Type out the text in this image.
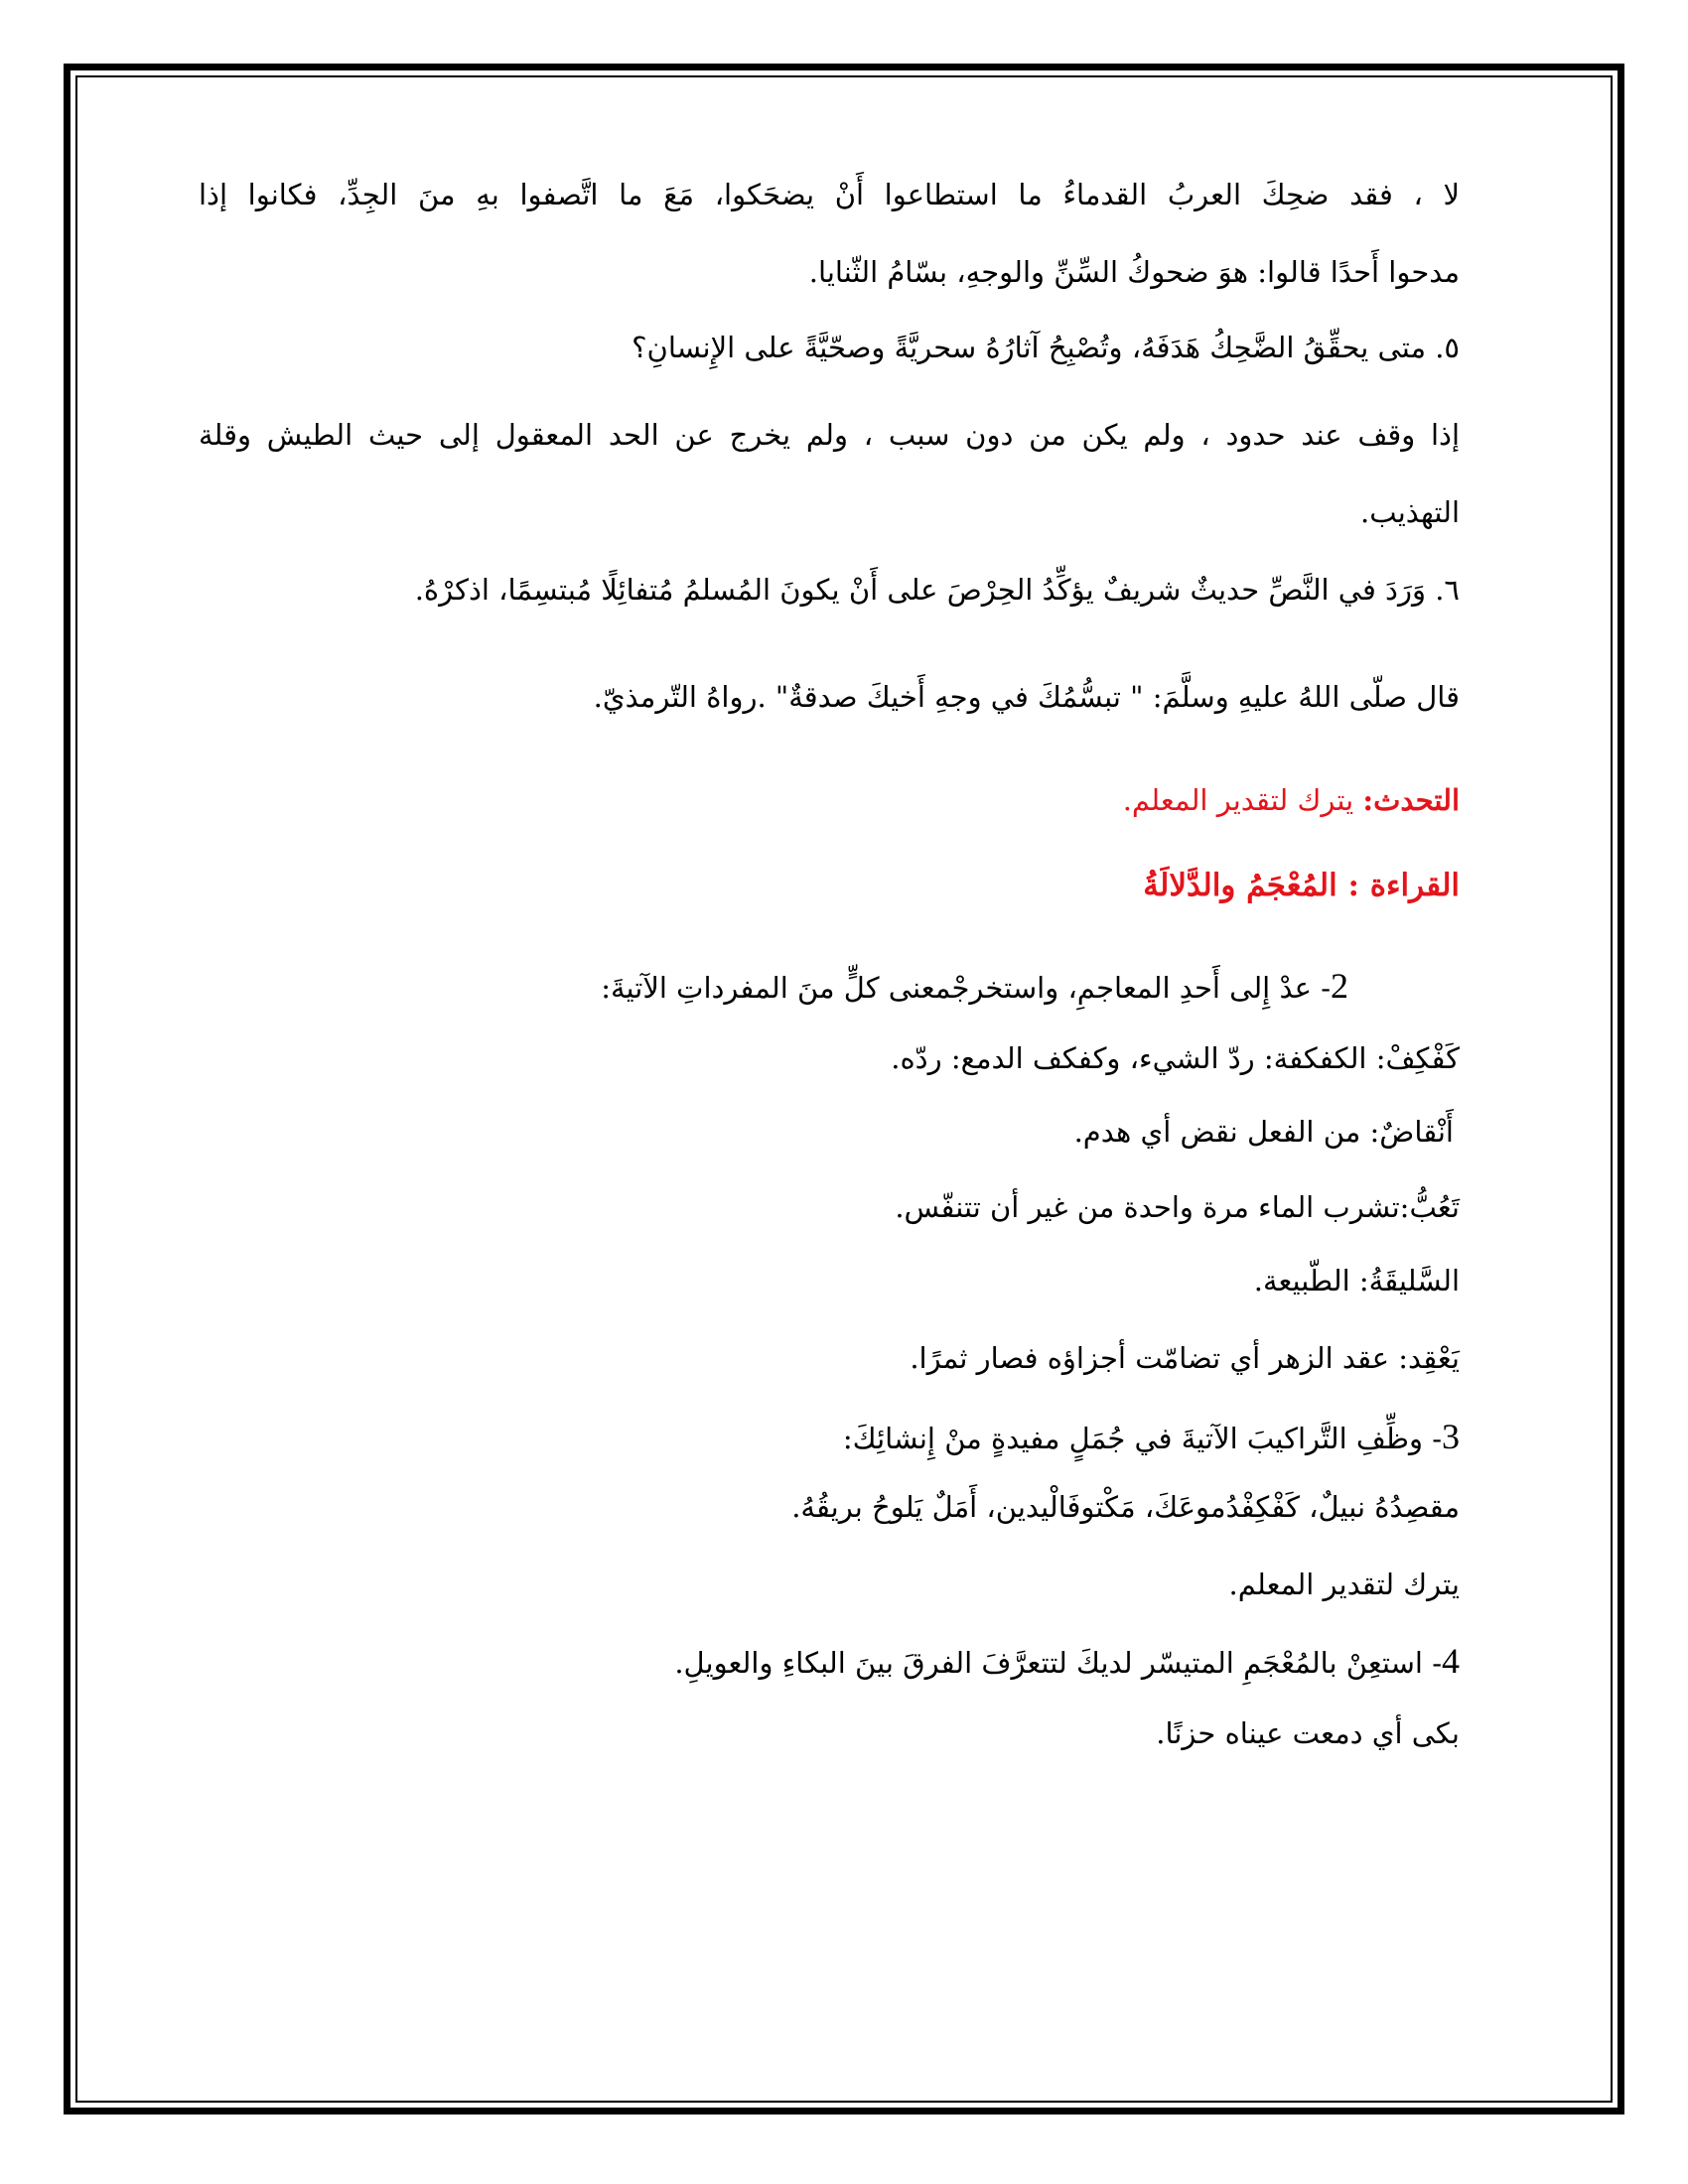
لا ، فقد ضحِكَ العربُ القدماءُ ما استطاعوا أَنْ يضحَكوا، مَعَ ما اتَّصفوا بهِ منَ الجِدِّ، فكانوا إذا
مدحوا أَحدًا قالوا: هوَ ضحوكُ السِّنِّ والوجهِ، بسّامُ الثّنايا.
٥. متى يحقِّقُ الضَّحِكُ هَدَفَهُ، وتُصْبِحُ آثارُهُ سحريَّةً وصحّيَّةً على الإِنسانِ؟
إذا وقف عند حدود ، ولم يكن من دون سبب ، ولم يخرج عن الحد المعقول إلى حيث الطيش وقلة
التهذيب.
٦. وَرَدَ في النَّصِّ حديثٌ شريفٌ يؤكِّدُ الحِرْصَ على أَنْ يكونَ المُسلمُ مُتفائِلًا مُبتسِمًا، اذكرْهُ.
قال صلّى اللهُ عليهِ وسلَّمَ: " تبسُّمُكَ في وجهِ أَخيكَ صدقةٌ" .رواهُ التّرمذيّ.
التحدث: يترك لتقدير المعلم.
القراءة : المُعْجَمُ والدَّلالَةُ
2- عدْ إِلى أَحدِ المعاجمِ، واستخرجْمعنى كلٍّ منَ المفرداتِ الآتيةَ:
كَفْكِفْ: الكفكفة: ردّ الشيء، وكفكف الدمع: ردّه.
أَنْقاضٌ: من الفعل نقض أي هدم.
تَعُبُّ:تشرب الماء مرة واحدة من غير أن تتنفّس.
السَّليقَةُ: الطّبيعة.
يَعْقِد: عقد الزهر أي تضامّت أجزاؤه فصار ثمرًا.
3- وظِّفِ التَّراكيبَ الآتيةَ في جُمَلٍ مفيدةٍ منْ إِنشائِكَ:
مقصِدُهُ نبيلٌ، كَفْكِفْدُموعَكَ، مَكْتوفَالْيدين، أَمَلٌ يَلوحُ بريقُهُ.
يترك لتقدير المعلم.
4- استعِنْ بالمُعْجَمِ المتيسّر لديكَ لتتعرَّفَ الفرقَ بينَ البكاءِ والعويلِ.
بكى أي دمعت عيناه حزنًا.
